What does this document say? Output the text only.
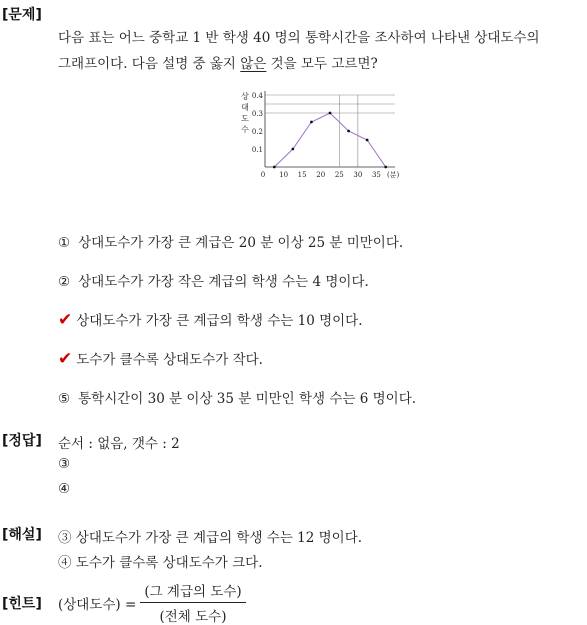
[문제]
다음 표는 어느 중학교 1 반 학생 40 명의 통학시간을 조사하여 나타낸 상대도수의
그래프이다. 다음 설명 중 옳지 않은 것을 모두 고르면?
상
대
도
수
0.1
0.2
0.3
0.4
0 10 15 20 25 30 35 (분)
① 상대도수가 가장 큰 계급은 20 분 이상 25 분 미만이다.
② 상대도수가 가장 작은 계급의 학생 수는 4 명이다.
✔ 상대도수가 가장 큰 계급의 학생 수는 10 명이다.
✔ 도수가 클수록 상대도수가 작다.
⑤ 통학시간이 30 분 이상 35 분 미만인 학생 수는 6 명이다.
[정답] 순서 : 없음, 갯수 : 2
③
④
[해설] ③ 상대도수가 가장 큰 계급의 학생 수는 12 명이다.
④ 도수가 클수록 상대도수가 크다.
[힌트] (상대도수) = $\frac{\text{(그 계급의 도수)}}{\text{(전체 도수)}}$
